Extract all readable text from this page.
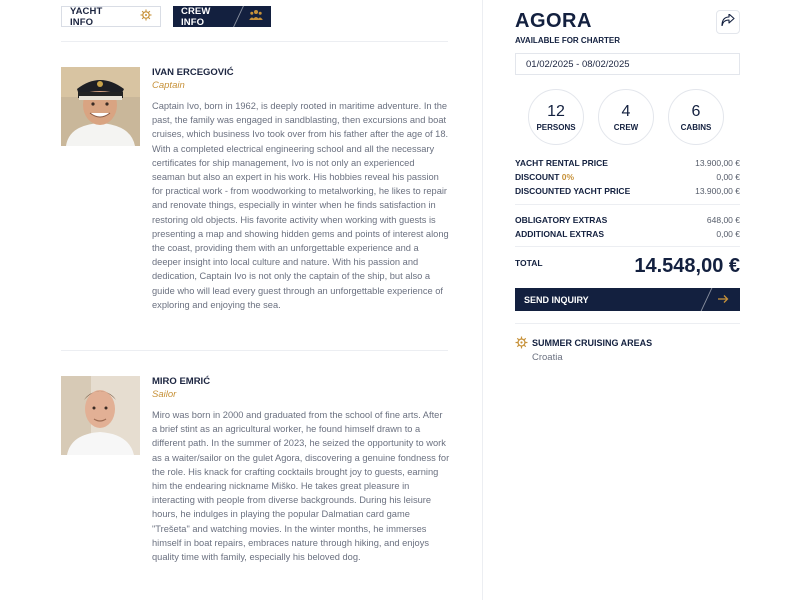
YACHT INFO
CREW INFO
IVAN ERCEGOVIĆ
Captain

Captain Ivo, born in 1962, is deeply rooted in maritime adventure. In the past, the family was engaged in sandblasting, then excursions and boat cruises, which business Ivo took over from his father after the age of 18. With a completed electrical engineering school and all the necessary certificates for ship management, Ivo is not only an experienced seaman but also an expert in his work. His hobbies reveal his passion for practical work - from woodworking to metalworking, he likes to repair and renovate things, especially in winter when he finds satisfaction in restoring old objects. His favorite activity when working with guests is presenting a map and showing hidden gems and points of interest along the coast, providing them with an unforgettable experience and a deeper insight into local culture and nature. With his passion and dedication, Captain Ivo is not only the captain of the ship, but also a guide who will lead every guest through an unforgettable experience of exploring and enjoying the sea.

MIRO EMRIĆ
Sailor

Miro was born in 2000 and graduated from the school of fine arts. After a brief stint as an agricultural worker, he found himself drawn to a different path. In the summer of 2023, he seized the opportunity to work as a waiter/sailor on the gulet Agora, discovering a genuine fondness for the role. His knack for crafting cocktails brought joy to guests, earning him the endearing nickname Miško. He takes great pleasure in interacting with people from diverse backgrounds. During his leisure hours, he indulges in playing the popular Dalmatian card game "Trešeta" and watching movies. In the winter months, he immerses himself in boat repairs, embraces nature through hiking, and enjoys quality time with family, especially his beloved dog.

AGORA
AVAILABLE FOR CHARTER
01/02/2025 - 08/02/2025
12
PERSONS
4
CREW
6
CABINS
YACHT RENTAL PRICE	13.900,00 €
DISCOUNT 0%	0,00 €
DISCOUNTED YACHT PRICE	13.900,00 €
OBLIGATORY EXTRAS	648,00 €
ADDITIONAL EXTRAS	0,00 €
TOTAL	14.548,00 €
SEND INQUIRY
SUMMER CRUISING AREAS
Croatia
